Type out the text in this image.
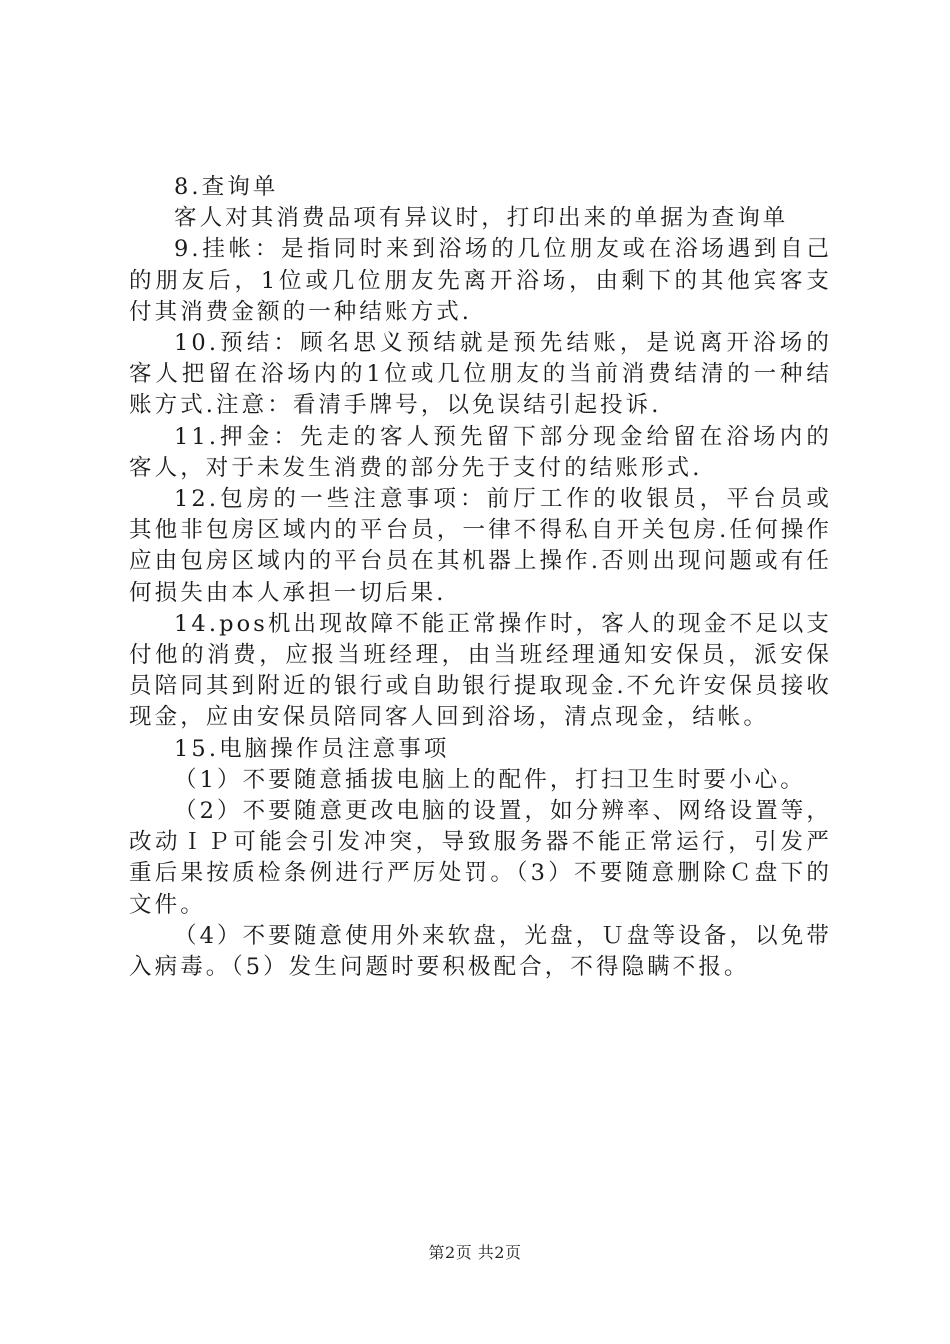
8.查询单

客人对其消费品项有异议时，打印出来的单据为查询单

9.挂帐：是指同时来到浴场的几位朋友或在浴场遇到自己的朋友后，1位或几位朋友先离开浴场，由剩下的其他宾客支付其消费金额的一种结账方式.

10.预结：顾名思义预结就是预先结账，是说离开浴场的客人把留在浴场内的1位或几位朋友的当前消费结清的一种结账方式.注意：看清手牌号，以免误结引起投诉.

11.押金：先走的客人预先留下部分现金给留在浴场内的客人，对于未发生消费的部分先于支付的结账形式.

12.包房的一些注意事项：前厅工作的收银员，平台员或其他非包房区域内的平台员，一律不得私自开关包房.任何操作应由包房区域内的平台员在其机器上操作.否则出现问题或有任何损失由本人承担一切后果.

14.pos机出现故障不能正常操作时，客人的现金不足以支付他的消费，应报当班经理，由当班经理通知安保员，派安保员陪同其到附近的银行或自助银行提取现金.不允许安保员接收现金，应由安保员陪同客人回到浴场，清点现金，结帐。

15.电脑操作员注意事项

（1）不要随意插拔电脑上的配件，打扫卫生时要小心。

（2）不要随意更改电脑的设置，如分辨率、网络设置等，改动ＩＰ可能会引发冲突，导致服务器不能正常运行，引发严重后果按质检条例进行严厉处罚。（3）不要随意删除Ｃ盘下的文件。

（4）不要随意使用外来软盘，光盘，Ｕ盘等设备，以免带入病毒。（5）发生问题时要积极配合，不得隐瞒不报。

第2页 共2页
